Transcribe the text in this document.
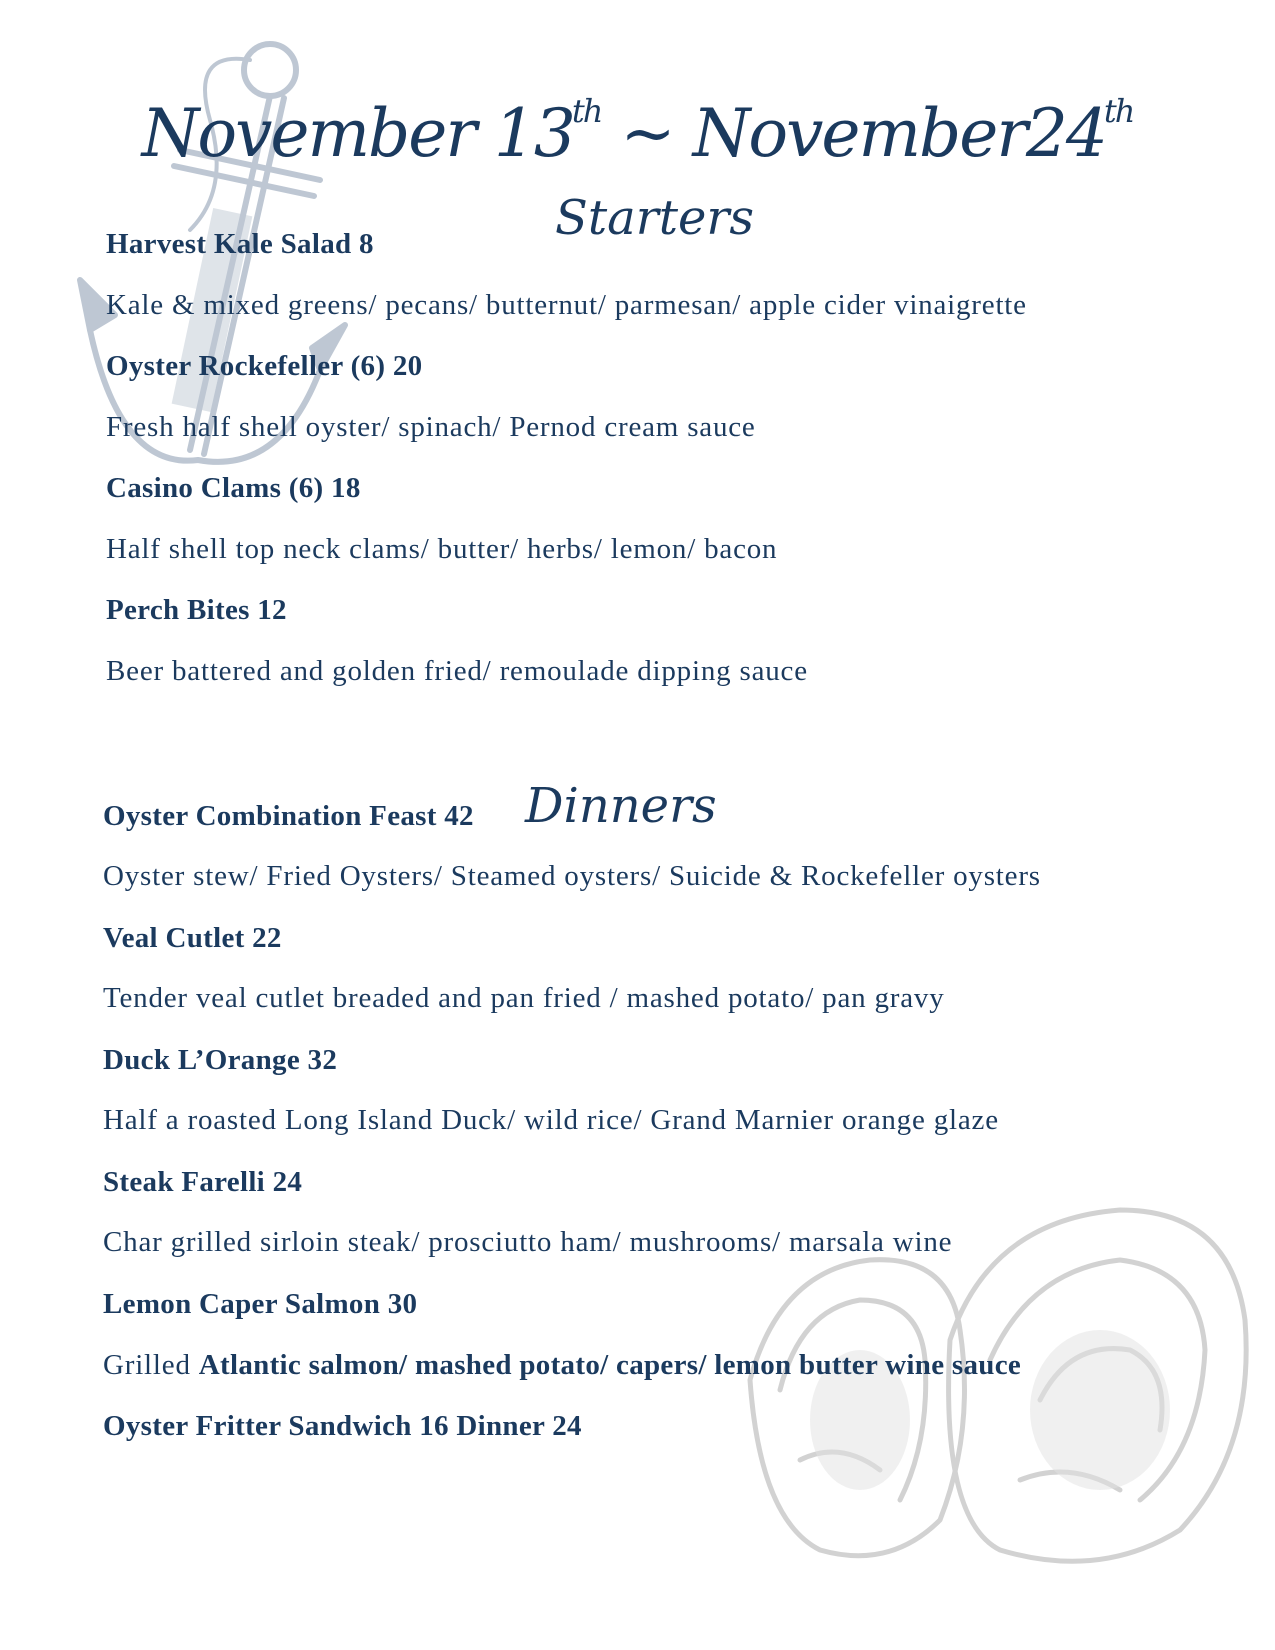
November 13th ~ November24th
Starters
Dinners
Harvest Kale Salad 8
Kale & mixed greens/ pecans/ butternut/ parmesan/ apple cider vinaigrette
Oyster Rockefeller (6) 20
Fresh half shell oyster/ spinach/ Pernod cream sauce
Casino Clams (6) 18
Half shell top neck clams/ butter/ herbs/ lemon/ bacon
Perch Bites 12
Beer battered and golden fried/ remoulade dipping sauce
Oyster Combination Feast 42
Oyster stew/ Fried Oysters/ Steamed oysters/ Suicide & Rockefeller oysters
Veal Cutlet 22
Tender veal cutlet breaded and pan fried / mashed potato/ pan gravy
Duck L’Orange 32
Half a roasted Long Island Duck/ wild rice/ Grand Marnier orange glaze
Steak Farelli 24
Char grilled sirloin steak/ prosciutto ham/ mushrooms/ marsala wine
Lemon Caper Salmon 30
Grilled Atlantic salmon/ mashed potato/ capers/ lemon butter wine sauce
Oyster Fritter Sandwich 16 Dinner 24
